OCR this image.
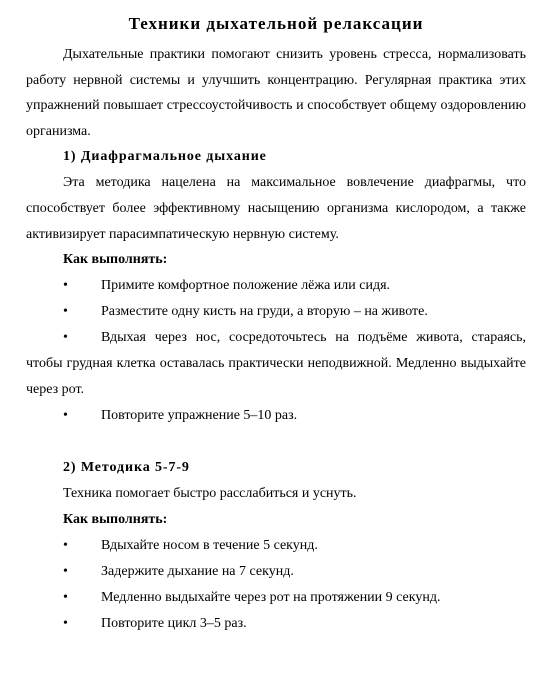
Техники дыхательной релаксации

Дыхательные практики помогают снизить уровень стресса, нормализовать работу нервной системы и улучшить концентрацию. Регулярная практика этих упражнений повышает стрессоустойчивость и способствует общему оздоровлению организма.

1) Диафрагмальное дыхание

Эта методика нацелена на максимальное вовлечение диафрагмы, что способствует более эффективному насыщению организма кислородом, а также активизирует парасимпатическую нервную систему.

Как выполнять:

• Примите комфортное положение лёжа или сидя.

• Разместите одну кисть на груди, а вторую – на животе.

• Вдыхая через нос, сосредоточьтесь на подъёме живота, стараясь, чтобы грудная клетка оставалась практически неподвижной. Медленно выдыхайте через рот.

• Повторите упражнение 5–10 раз.

2) Методика 5-7-9

Техника помогает быстро расслабиться и уснуть.

Как выполнять:

• Вдыхайте носом в течение 5 секунд.

• Задержите дыхание на 7 секунд.

• Медленно выдыхайте через рот на протяжении 9 секунд.

• Повторите цикл 3–5 раз.
